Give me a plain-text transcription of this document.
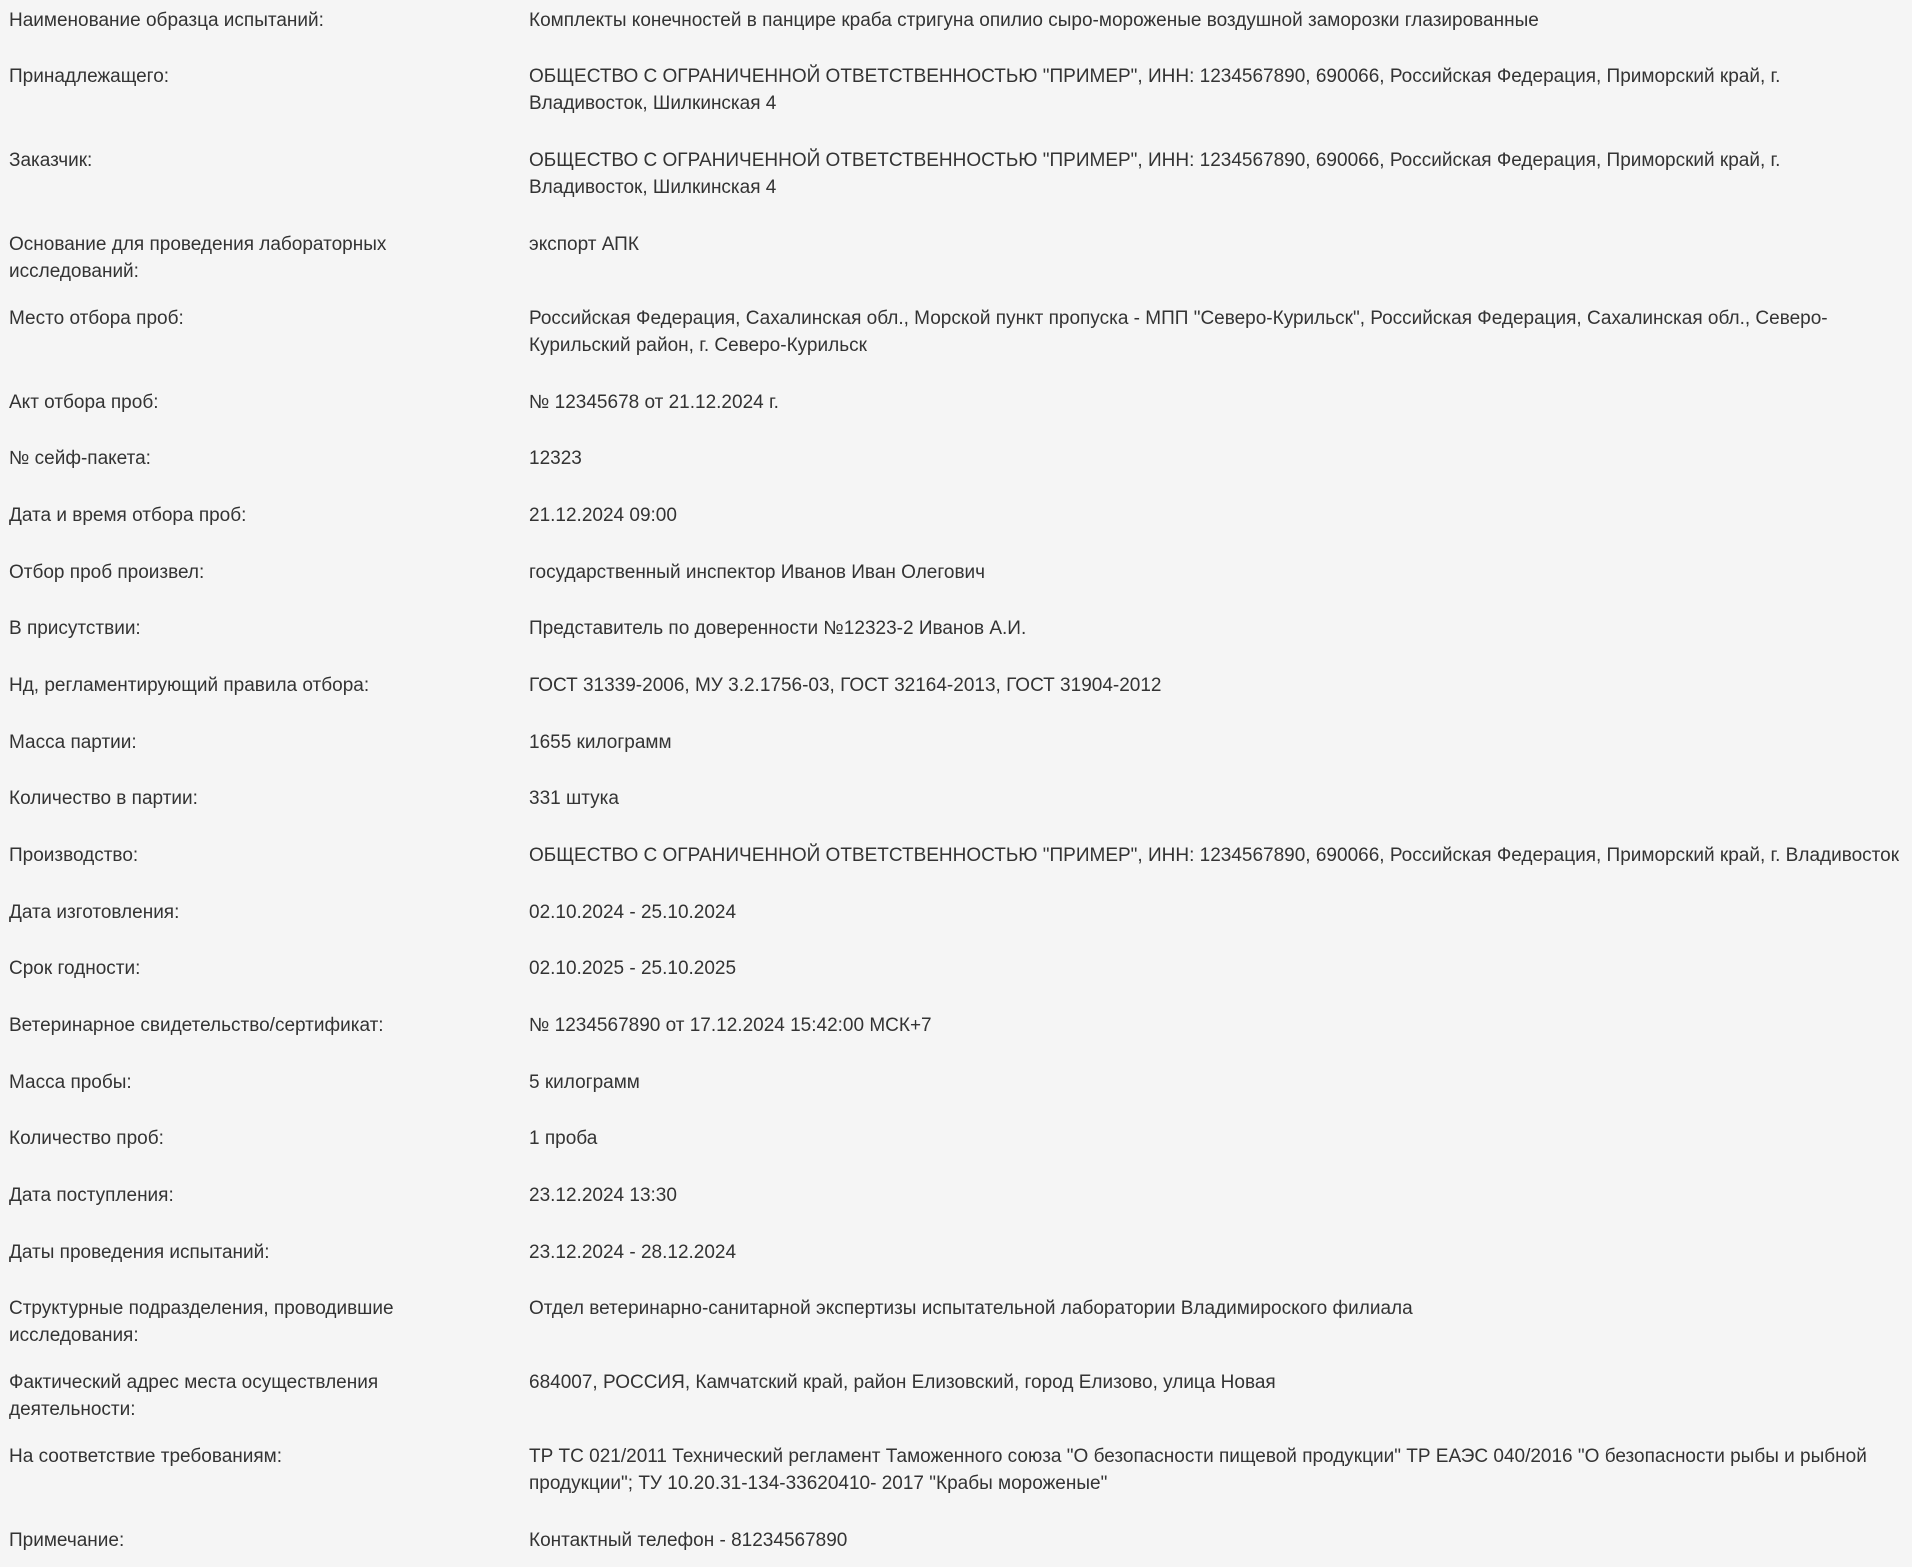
Наименование образца испытаний:	Комплекты конечностей в панцире краба стригуна опилио сыро-мороженые воздушной заморозки глазированные
Принадлежащего:	ОБЩЕСТВО С ОГРАНИЧЕННОЙ ОТВЕТСТВЕННОСТЬЮ "ПРИМЕР", ИНН: 1234567890, 690066, Российская Федерация, Приморский край, г. Владивосток, Шилкинская 4
Заказчик:	ОБЩЕСТВО С ОГРАНИЧЕННОЙ ОТВЕТСТВЕННОСТЬЮ "ПРИМЕР", ИНН: 1234567890, 690066, Российская Федерация, Приморский край, г. Владивосток, Шилкинская 4
Основание для проведения лабораторных исследований:
экспорт АПК
Место отбора проб:	Российская Федерация, Сахалинская обл., Морской пункт пропуска - МПП "Северо-Курильск", Российская Федерация, Сахалинская обл., Северо-Курильский район, г. Северо-Курильск
Акт отбора проб:	№ 12345678 от 21.12.2024 г.
№ сейф-пакета:	12323
Дата и время отбора проб:	21.12.2024 09:00
Отбор проб произвел:	государственный инспектор Иванов Иван Олегович
В присутствии:	Представитель по доверенности №12323-2 Иванов А.И.
Нд, регламентирующий правила отбора:	ГОСТ 31339-2006, МУ 3.2.1756-03, ГОСТ 32164-2013, ГОСТ 31904-2012
Масса партии:	1655 килограмм
Количество в партии:	331 штука
Производство:	ОБЩЕСТВО С ОГРАНИЧЕННОЙ ОТВЕТСТВЕННОСТЬЮ "ПРИМЕР", ИНН: 1234567890, 690066, Российская Федерация, Приморский край, г. Владивосток
Дата изготовления:	02.10.2024 - 25.10.2024
Срок годности:	02.10.2025 - 25.10.2025
Ветеринарное свидетельство/сертификат:	№ 1234567890 от 17.12.2024 15:42:00 МСК+7
Масса пробы:	5 килограмм
Количество проб:	1 проба
Дата поступления:	23.12.2024 13:30
Даты проведения испытаний:	23.12.2024 - 28.12.2024
Структурные подразделения, проводившие исследования:
Отдел ветеринарно-санитарной экспертизы испытательной лаборатории Владимироского филиала
Фактический адрес места осуществления деятельности:
684007, РОССИЯ, Камчатский край, район Елизовский, город Елизово, улица Новая
На соответствие требованиям:	ТР ТС 021/2011 Технический регламент Таможенного союза "О безопасности пищевой продукции" ТР ЕАЭС 040/2016 "О безопасности рыбы и рыбной продукции"; ТУ 10.20.31-134-33620410- 2017 "Крабы мороженые"
Примечание:	Контактный телефон - 81234567890
